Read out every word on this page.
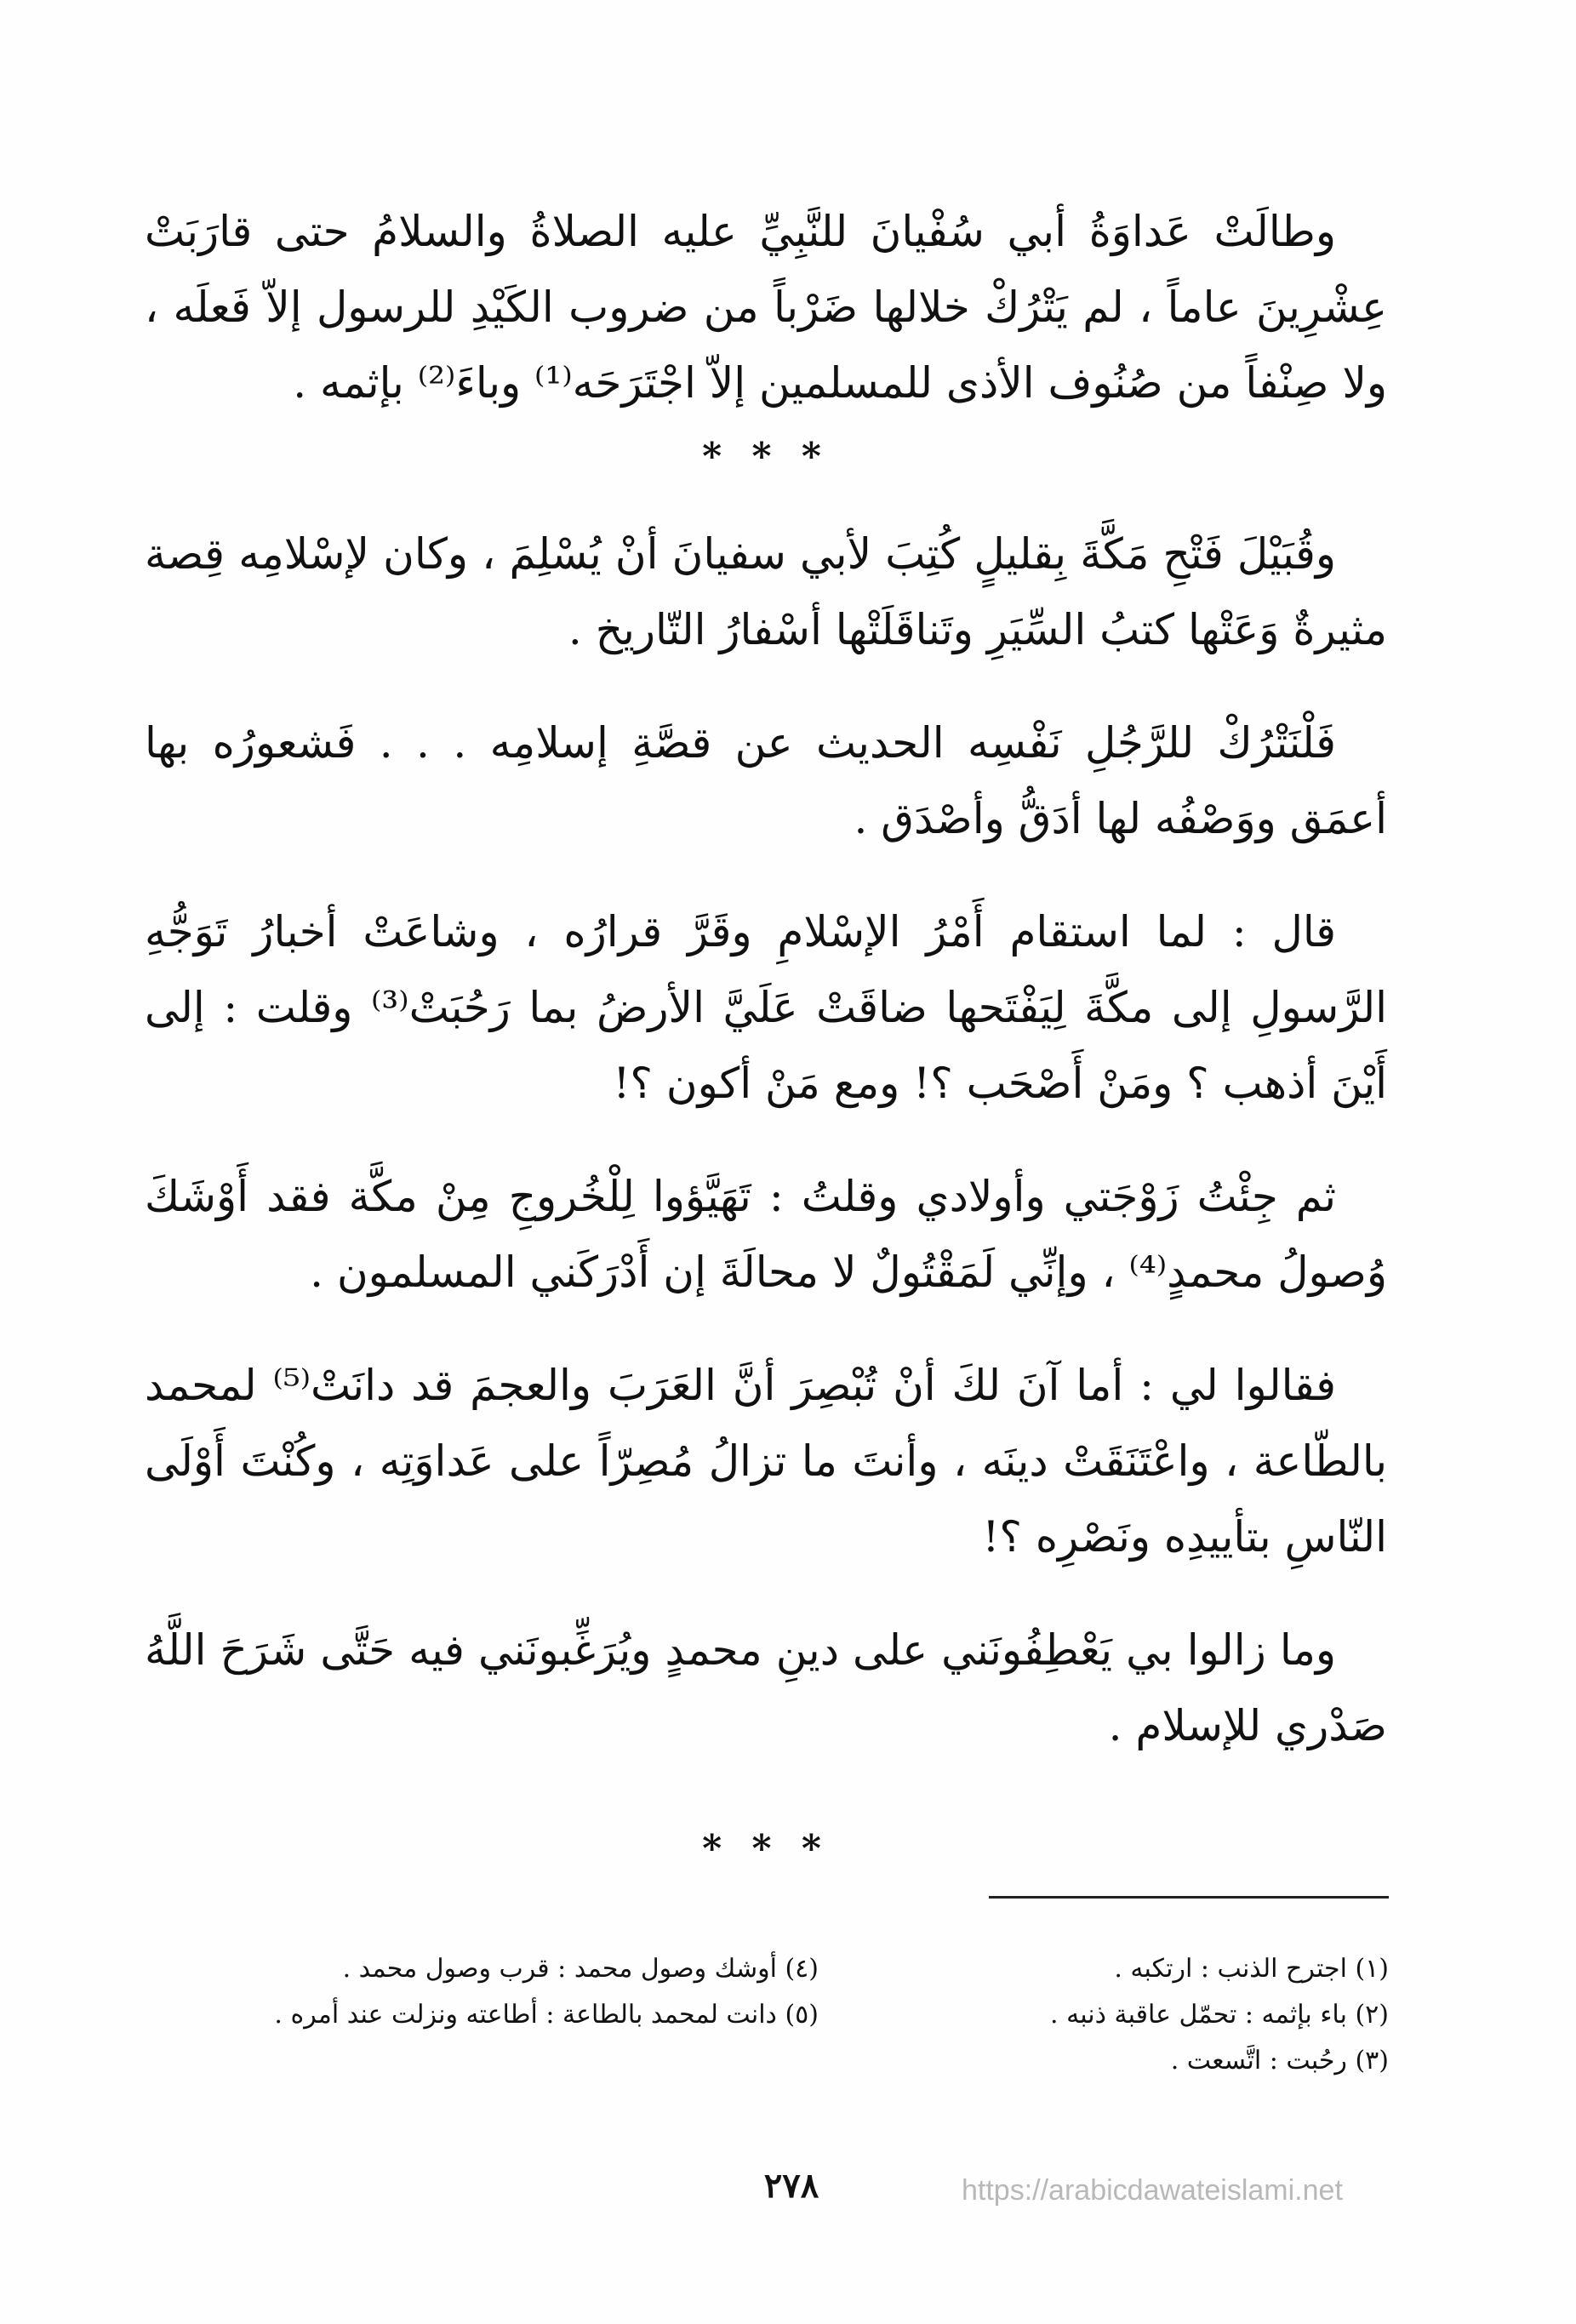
وطالَتْ عَداوَةُ أبي سُفْيانَ للنَّبِيِّ عليه الصلاةُ والسلامُ حتى قارَبَتْ عِشْرِينَ عاماً ، لم يَتْرُكْ خلالها ضَرْباً من ضروب الكَيْدِ للرسول إلاّ فَعلَه ، ولا صِنْفاً من صُنُوف الأذى للمسلمين إلاّ اجْتَرَحَه⁽¹⁾ وباءَ⁽²⁾ بإثمه .

* * *

وقُبَيْلَ فَتْحِ مَكَّةَ بِقليلٍ كُتِبَ لأبي سفيانَ أنْ يُسْلِمَ ، وكان لإسْلامِه قِصة مثيرةٌ وَعَتْها كتبُ السِّيَرِ وتَناقَلَتْها أسْفارُ التّاريخ .

فَلْنَتْرُكْ للرَّجُلِ نَفْسِه الحديث عن قصَّةِ إسلامِه . . . فَشعورُه بها أعمَق ووَصْفُه لها أدَقُّ وأصْدَق .

قال : لما استقام أَمْرُ الإسْلامِ وقَرَّ قرارُه ، وشاعَتْ أخبارُ تَوَجُّهِ الرَّسولِ إلى مكَّةَ لِيَفْتَحها ضاقَتْ عَلَيَّ الأرضُ بما رَحُبَتْ⁽³⁾ وقلت : إلى أَيْنَ أذهب ؟ ومَنْ أَصْحَب ؟! ومع مَنْ أكون ؟!

ثم جِئْتُ زَوْجَتي وأولادي وقلتُ : تَهَيَّؤوا لِلْخُروجِ مِنْ مكَّة فقد أَوْشَكَ وُصولُ محمدٍ⁽⁴⁾ ، وإنِّي لَمَقْتُولٌ لا محالَةَ إن أَدْرَكَني المسلمون .

فقالوا لي : أما آنَ لكَ أنْ تُبْصِرَ أنَّ العَرَبَ والعجمَ قد دانَتْ⁽⁵⁾ لمحمد بالطّاعة ، واعْتَنَقَتْ دينَه ، وأنتَ ما تزالُ مُصِرّاً على عَداوَتِه ، وكُنْتَ أَوْلَى النّاسِ بتأييدِه ونَصْرِه ؟!

وما زالوا بي يَعْطِفُونَني على دينِ محمدٍ ويُرَغِّبونَني فيه حَتَّى شَرَحَ اللَّهُ صَدْري للإسلام .

* * *

(١) اجترح الذنب : ارتكبه .

(٢) باء بإثمه : تحمّل عاقبة ذنبه .

(٣) رحُبت : اتَّسعت .

(٤) أوشك وصول محمد : قرب وصول محمد .

(٥) دانت لمحمد بالطاعة : أطاعته ونزلت عند أمره .

٢٧٨	https://arabicdawateislami.net
